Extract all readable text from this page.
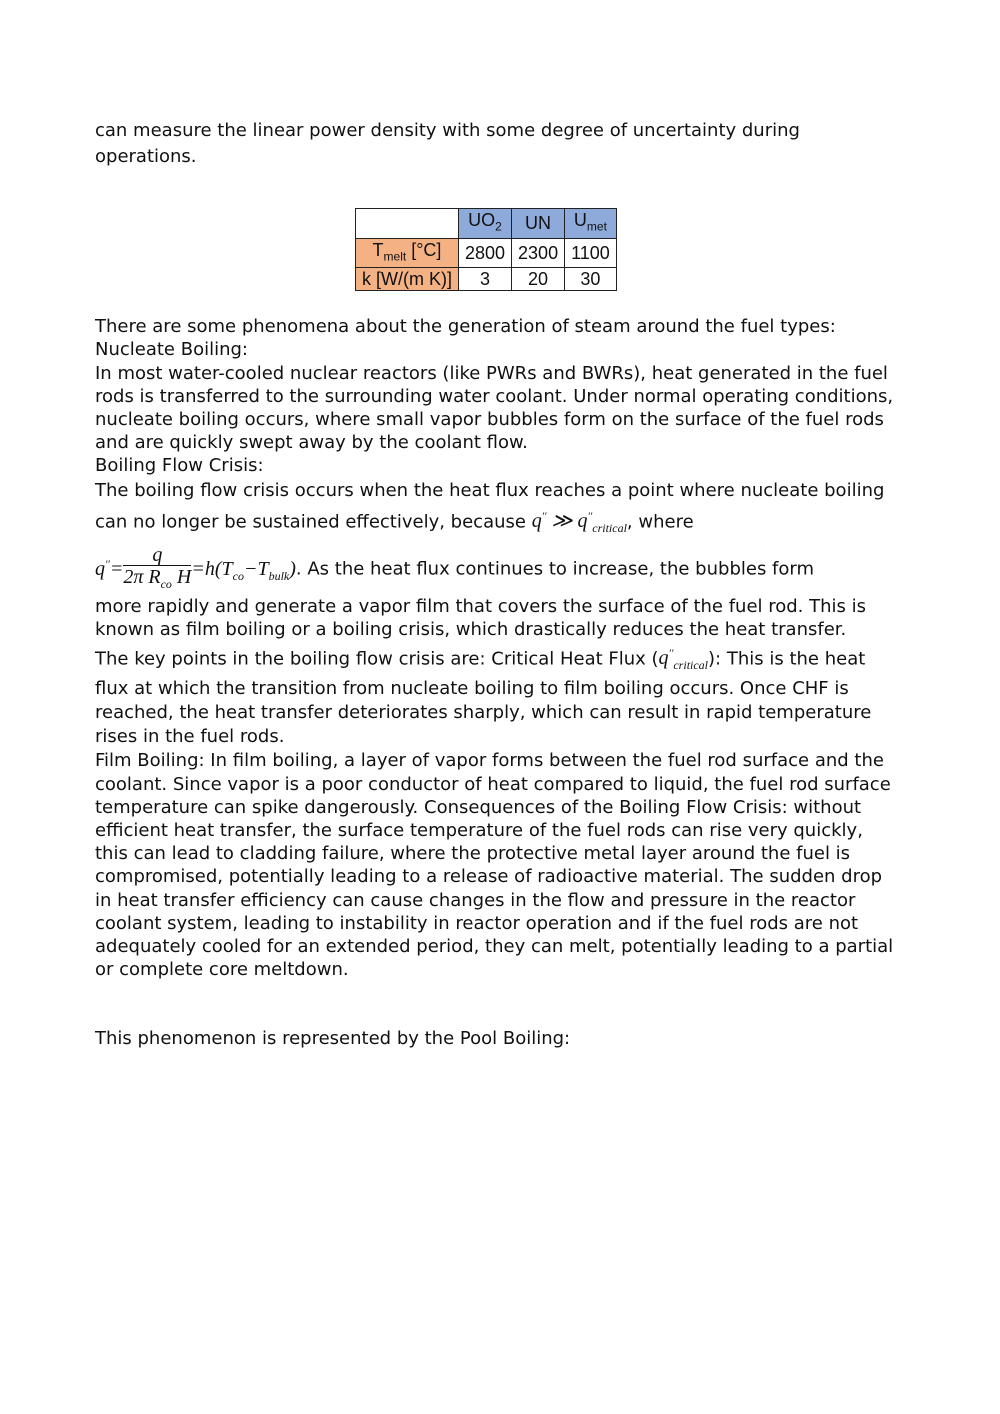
can measure the linear power density with some degree of uncertainty during operations.

	$UO_2$	UN	$U_{met}$
$T_{melt}$ [°C]	2800	2300	1100
k [W/(m K)]	3	20	30

There are some phenomena about the generation of steam around the fuel types:

Nucleate Boiling:

In most water-cooled nuclear reactors (like PWRs and BWRs), heat generated in the fuel rods is transferred to the surrounding water coolant. Under normal operating conditions, nucleate boiling occurs, where small vapor bubbles form on the surface of the fuel rods and are quickly swept away by the coolant flow.

Boiling Flow Crisis:

The boiling flow crisis occurs when the heat flux reaches a point where nucleate boiling can no longer be sustained effectively, because q′′ ≫ $q''_{critical}$, where

$q''= \frac{q}{2\pi R_{co} H} =h(T_{co}-T_{bulk})$. As the heat flux continues to increase, the bubbles form

more rapidly and generate a vapor film that covers the surface of the fuel rod. This is known as film boiling or a boiling crisis, which drastically reduces the heat transfer.

The key points in the boiling flow crisis are: Critical Heat Flux $(q''_{critical})$: This is the heat flux at which the transition from nucleate boiling to film boiling occurs. Once CHF is reached, the heat transfer deteriorates sharply, which can result in rapid temperature rises in the fuel rods.

Film Boiling: In film boiling, a layer of vapor forms between the fuel rod surface and the coolant. Since vapor is a poor conductor of heat compared to liquid, the fuel rod surface temperature can spike dangerously. Consequences of the Boiling Flow Crisis: without efficient heat transfer, the surface temperature of the fuel rods can rise very quickly, this can lead to cladding failure, where the protective metal layer around the fuel is compromised, potentially leading to a release of radioactive material. The sudden drop in heat transfer efficiency can cause changes in the flow and pressure in the reactor coolant system, leading to instability in reactor operation and if the fuel rods are not adequately cooled for an extended period, they can melt, potentially leading to a partial or complete core meltdown.

This phenomenon is represented by the Pool Boiling:
